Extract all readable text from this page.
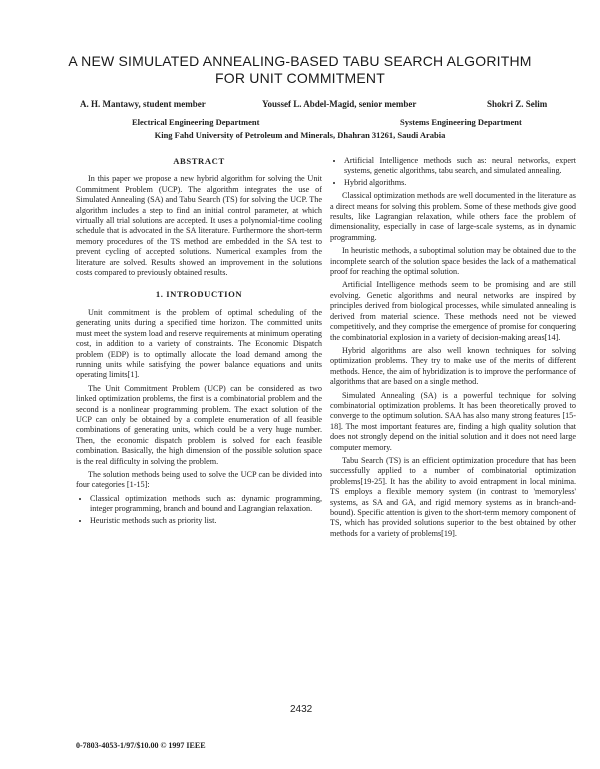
A NEW SIMULATED ANNEALING-BASED TABU SEARCH ALGORITHM FOR UNIT COMMITMENT
A. H. Mantawy, student member	Youssef L. Abdel-Magid, senior member	Shokri Z. Selim
Electrical Engineering Department	Systems Engineering Department
King Fahd University of Petroleum and Minerals, Dhahran 31261, Saudi Arabia
ABSTRACT

In this paper we propose a new hybrid algorithm for solving the Unit Commitment Problem (UCP). The algorithm integrates the use of Simulated Annealing (SA) and Tabu Search (TS) for solving the UCP. The algorithm includes a step to find an initial control parameter, at which virtually all trial solutions are accepted. It uses a polynomial-time cooling schedule that is advocated in the SA literature. Furthermore the short-term memory procedures of the TS method are embedded in the SA test to prevent cycling of accepted solutions. Numerical examples from the literature are solved. Results showed an improvement in the solutions costs compared to previously obtained results.

1. INTRODUCTION

Unit commitment is the problem of optimal scheduling of the generating units during a specified time horizon. The committed units must meet the system load and reserve requirements at minimum operating cost, in addition to a variety of constraints. The Economic Dispatch problem (EDP) is to optimally allocate the load demand among the running units while satisfying the power balance equations and units operating limits[1].

The Unit Commitment Problem (UCP) can be considered as two linked optimization problems, the first is a combinatorial problem and the second is a nonlinear programming problem. The exact solution of the UCP can only be obtained by a complete enumeration of all feasible combinations of generating units, which could be a very huge number. Then, the economic dispatch problem is solved for each feasible combination. Basically, the high dimension of the possible solution space is the real difficulty in solving the problem.

The solution methods being used to solve the UCP can be divided into four categories [1-15]:

• Classical optimization methods such as: dynamic programming, integer programming, branch and bound and Lagrangian relaxation.
• Heuristic methods such as priority list.
• Artificial Intelligence methods such as: neural networks, expert systems, genetic algorithms, tabu search, and simulated annealing.
• Hybrid algorithms.

Classical optimization methods are well documented in the literature as a direct means for solving this problem. Some of these methods give good results, like Lagrangian relaxation, while others face the problem of dimensionality, especially in case of large-scale systems, as in dynamic programming.

In heuristic methods, a suboptimal solution may be obtained due to the incomplete search of the solution space besides the lack of a mathematical proof for reaching the optimal solution.

Artificial Intelligence methods seem to be promising and are still evolving. Genetic algorithms and neural networks are inspired by principles derived from biological processes, while simulated annealing is derived from material science. These methods need not be viewed competitively, and they comprise the emergence of promise for conquering the combinatorial explosion in a variety of decision-making areas[14].

Hybrid algorithms are also well known techniques for solving optimization problems. They try to make use of the merits of different methods. Hence, the aim of hybridization is to improve the performance of algorithms that are based on a single method.

Simulated Annealing (SA) is a powerful technique for solving combinatorial optimization problems. It has been theoretically proved to converge to the optimum solution. SAA has also many strong features [15-18]. The most important features are, finding a high quality solution that does not strongly depend on the initial solution and it does not need large computer memory.

Tabu Search (TS) is an efficient optimization procedure that has been successfully applied to a number of combinatorial optimization problems[19-25]. It has the ability to avoid entrapment in local minima. TS employs a flexible memory system (in contrast to 'memoryless' systems, as SA and GA, and rigid memory systems as in branch-and-bound). Specific attention is given to the short-term memory component of TS, which has provided solutions superior to the best obtained by other methods for a variety of problems[19].

2432
0-7803-4053-1/97/$10.00 © 1997 IEEE
